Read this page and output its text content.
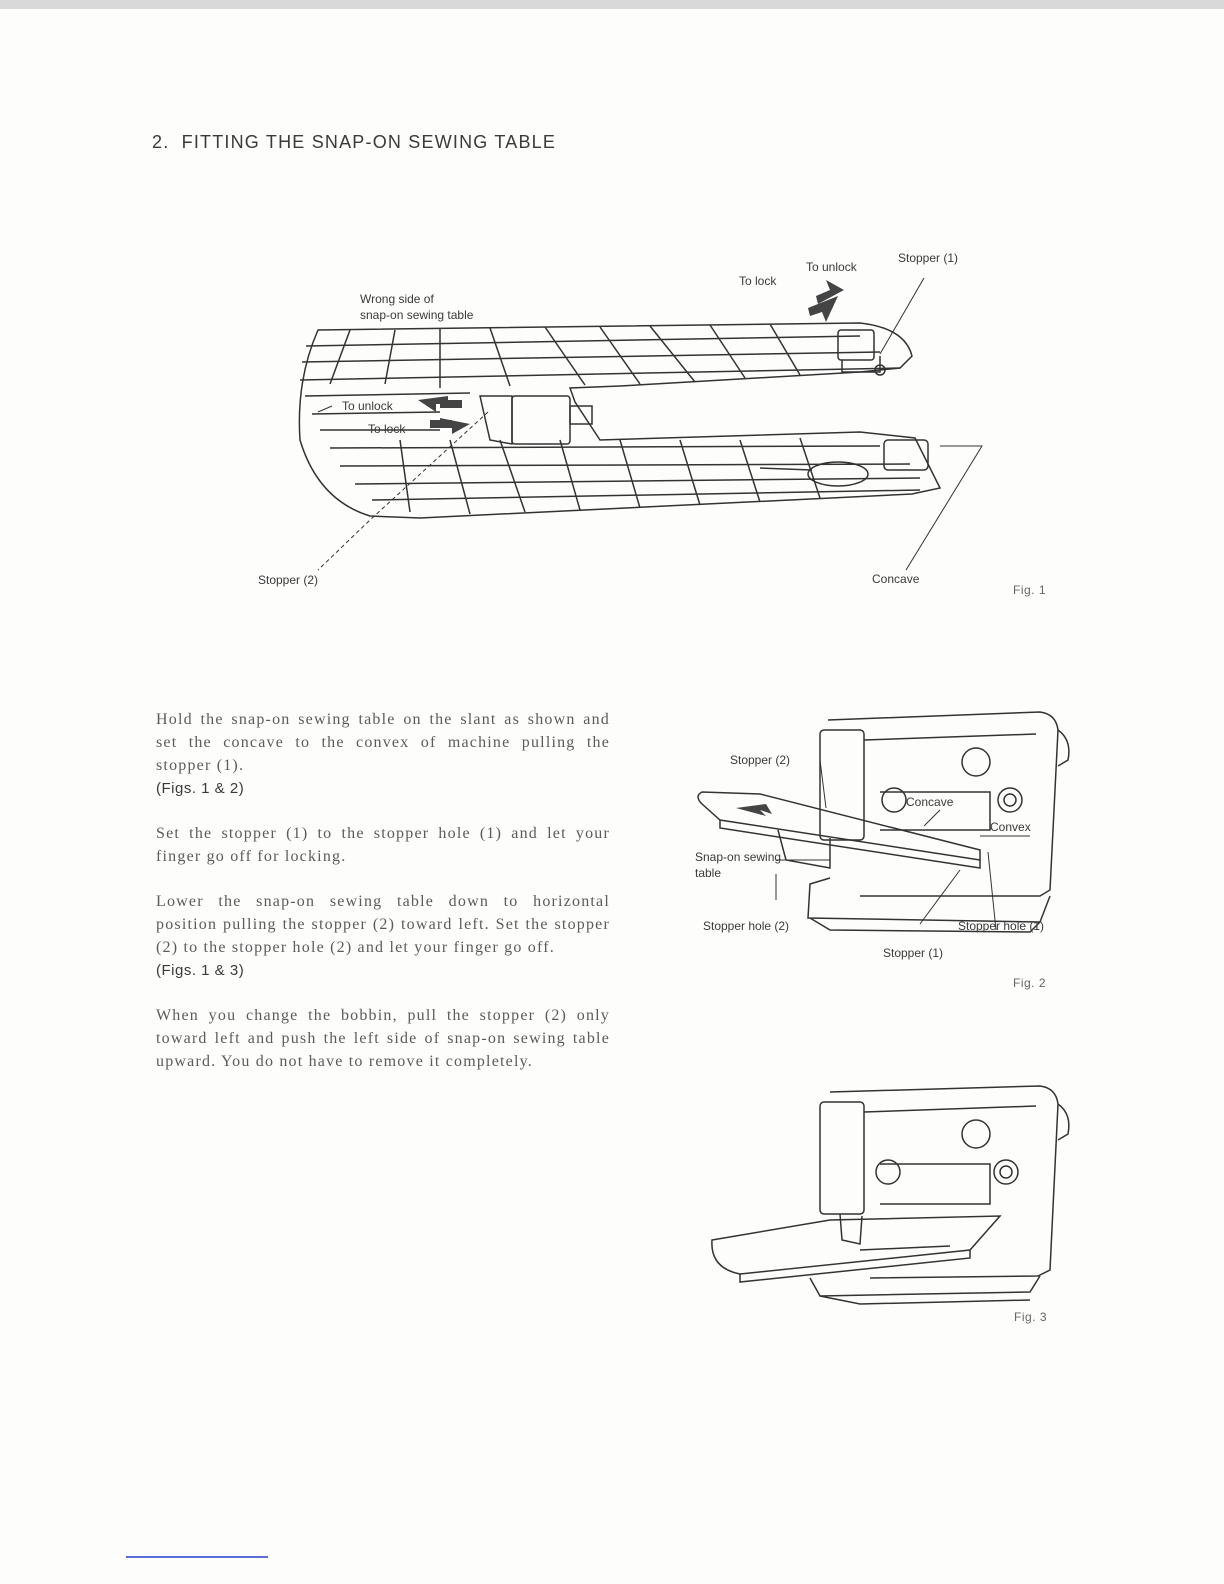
2. FITTING THE SNAP-ON SEWING TABLE
Wrong side of
snap-on sewing table
To lock
To unlock
Stopper (1)
To unlock
To lock
Stopper (2)	Concave
Fig. 1

Hold the snap-on sewing table on the slant as shown and set the concave to the convex of machine pulling the stopper (1).

(Figs. 1 & 2)

Set the stopper (1) to the stopper hole (1) and let your finger go off for locking.

Lower the snap-on sewing table down to horizontal position pulling the stopper (2) toward left. Set the stopper (2) to the stopper hole (2) and let your finger go off.

(Figs. 1 & 3)

When you change the bobbin, pull the stopper (2) only toward left and push the left side of snap-on sewing table upward. You do not have to remove it completely.

Stopper (2)
Concave
Convex
Snap-on sewing
table
Stopper hole (2)	Stopper hole (1)
Stopper (1)
Fig. 2
Fig. 3
